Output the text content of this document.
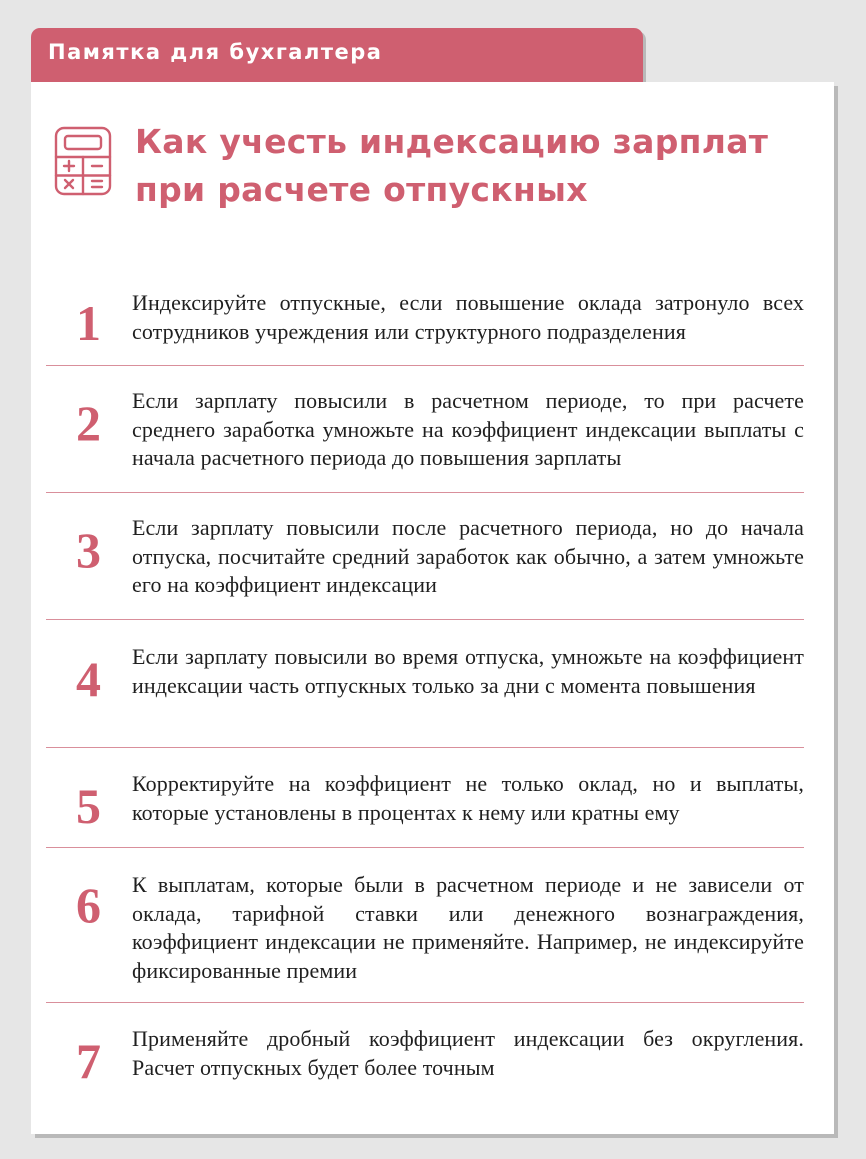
Памятка для бухгалтера
Как учесть индексацию зарплат
при расчете отпускных
1	Индексируйте отпускные, если повышение оклада затронуло всех сотрудников учреждения или структурного подразделения

2	Если зарплату повысили в расчетном периоде, то при расчете среднего заработка умножьте на коэффициент индексации выплаты с начала расчетного периода до повышения зарплаты

3	Если зарплату повысили после расчетного периода, но до начала отпуска, посчитайте средний заработок как обычно, а затем умножьте его на коэффициент индексации

4	Если зарплату повысили во время отпуска, умножьте на коэффициент индексации часть отпускных только за дни с момента повышения

5	Корректируйте на коэффициент не только оклад, но и выплаты, которые установлены в процентах к нему или кратны ему

6	К выплатам, которые были в расчетном периоде и не зависели от оклада, тарифной ставки или денежного вознаграждения, коэффициент индексации не применяйте. Например, не индексируйте фиксированные премии

7	Применяйте дробный коэффициент индексации без округления. Расчет отпускных будет более точным
